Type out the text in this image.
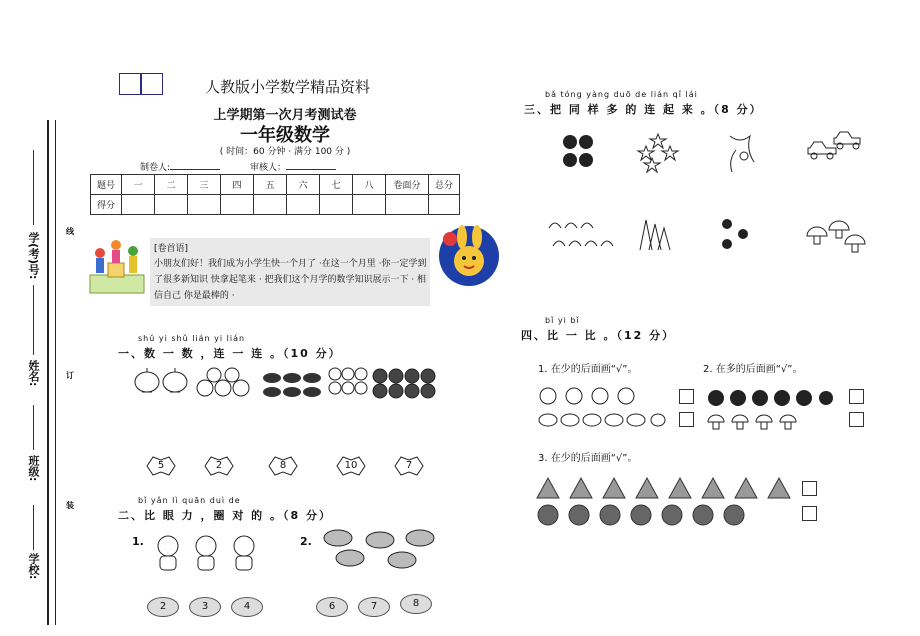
学(考)号:
姓名:
班级:
学校:
线
订
装
人教版小学数学精品资料
上学期第一次月考测试卷
一年级数学
( 时间：60 分钟 · 满分 100 分 )
制卷人:	审核人：
题号	一	二	三	四	五	六	七	八	卷面分	总分
得分										
[卷首语]
小朋友们好！我们成为小学生快一个月了 ·在这一个月里 ·你一定学到了很多新知识 快拿起笔来 · 把我们这个月学的数学知识展示一下 · 相信自己 你是最棒的 ·
shǔ yi shǔ lián yi lián
一、数 一 数 ，连 一 连 。（10 分）
5	2	8	10	7
bǐ yǎn lì quān duì de
二、比 眼 力 ，圈 对 的 。（8 分）
1.	2.
2	3	4	6	7	8
bǎ tóng yàng duō de lián qǐ lái
三、把 同 样 多 的 连 起 来 。（8 分）
bǐ yi bǐ
四、比 一 比 。（12 分）
1. 在少的后面画“√”。	2. 在多的后面画“√”。
3. 在少的后面画“√”。
